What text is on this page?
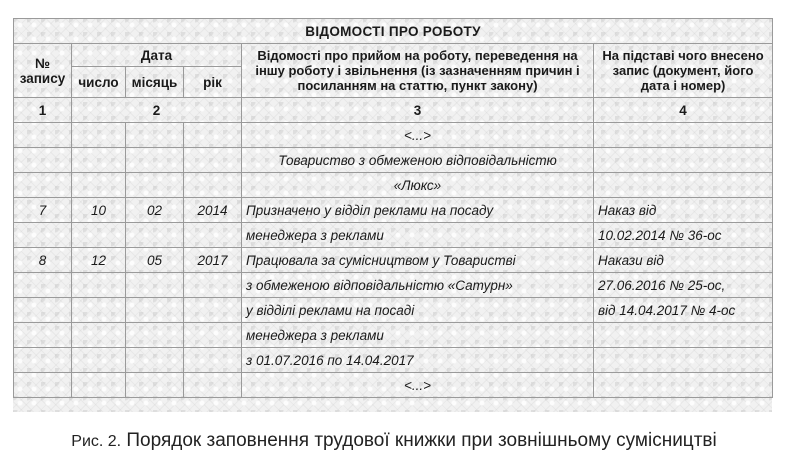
ВІДОМОСТІ ПРО РОБОТУ					
№ запису	Дата			Відомості про прийом на роботу, переведення на іншу роботу і звільнення (із зазначенням причин і посиланням на статтю, пункт закону)	На підставі чого внесено запис (документ, його дата і номер)
	число	місяць	рік		
1	2			3	4
				<...>	
				Товариство з обмеженою відповідальністю	
				«Люкс»	
7	10	02	2014	Призначено у відділ реклами на посаду	Наказ від
				менеджера з реклами	10.02.2014 № 36-ос
8	12	05	2017	Працювала за сумісництвом у Товаристві	Накази від
				з обмеженою відповідальністю «Сатурн»	27.06.2016 № 25-ос,
				у відділі реклами на посаді	від 14.04.2017 № 4-ос
				менеджера з реклами	
				з 01.07.2016 по 14.04.2017	
				<...>	
Рис. 2. Порядок заповнення трудової книжки при зовнішньому сумісництві
